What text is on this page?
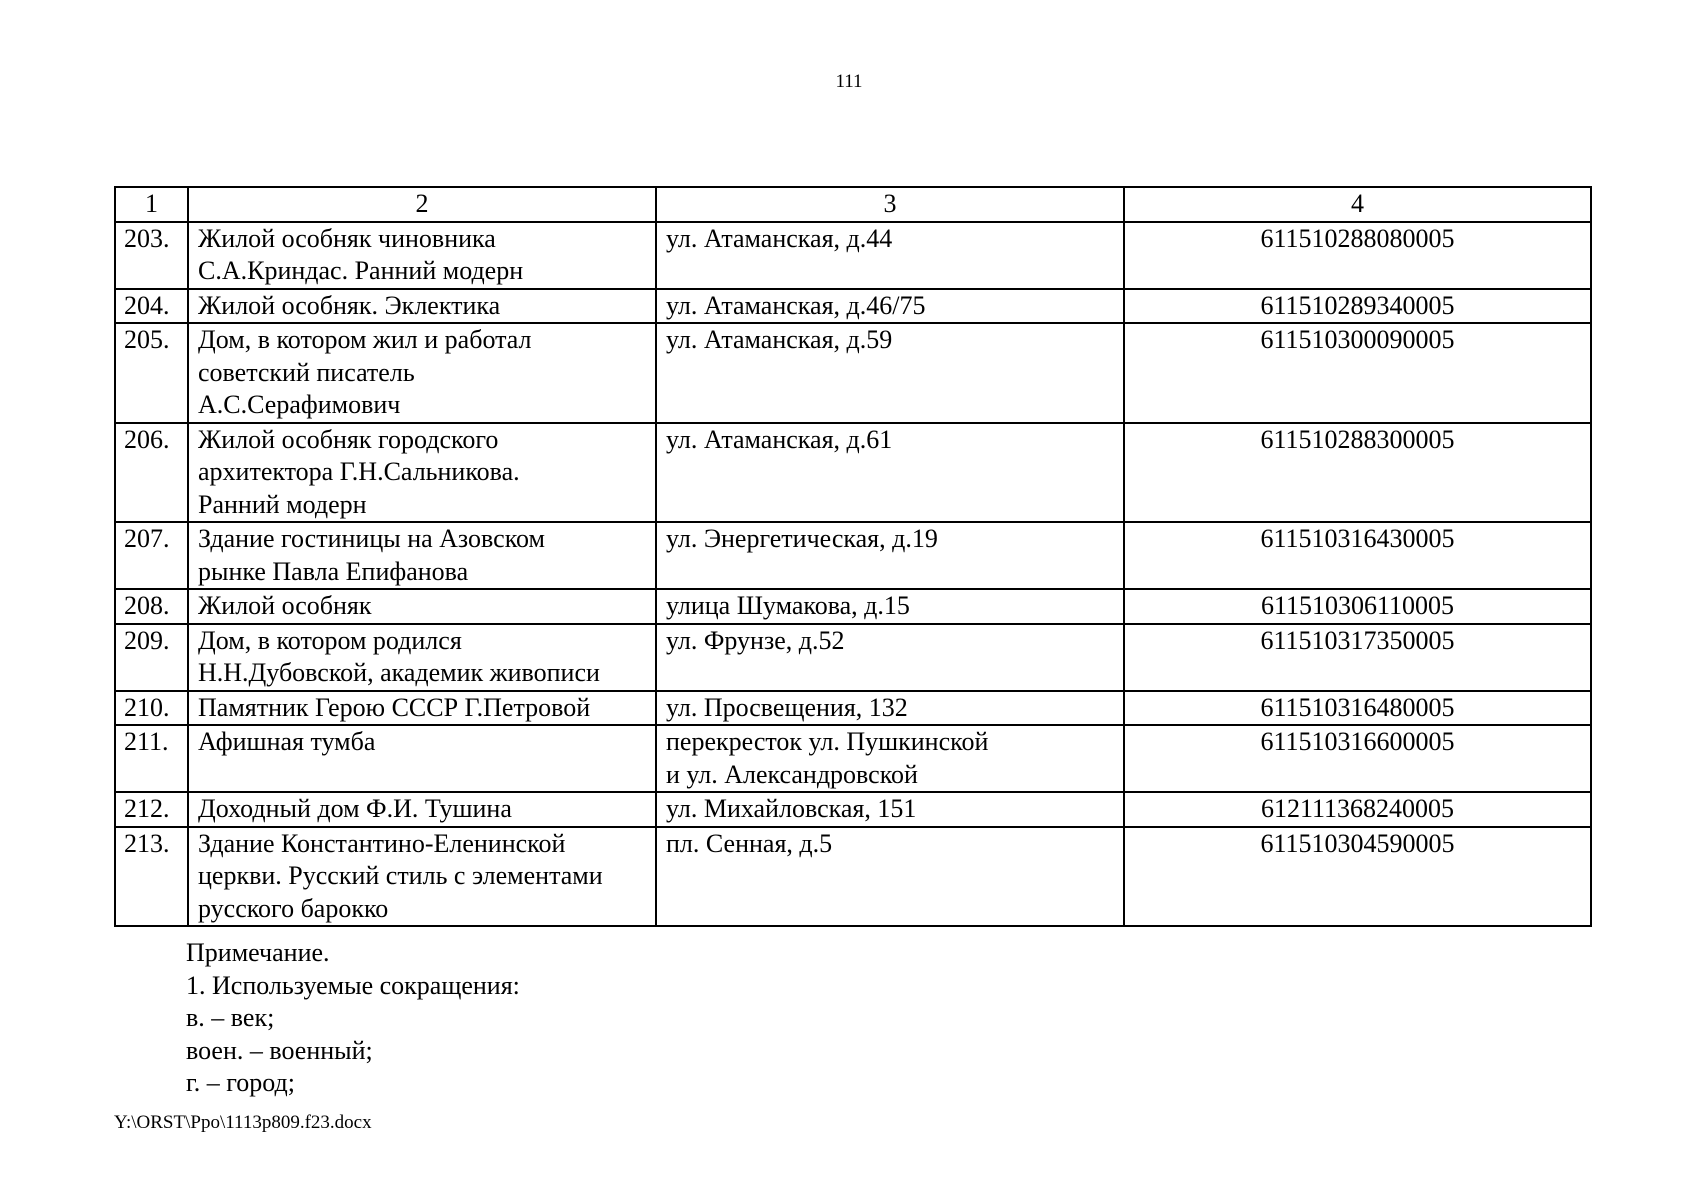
111
1	2	3	4
203.	Жилой особняк чиновника
С.А.Криндас. Ранний модерн	ул. Атаманская, д.44	611510288080005
204.	Жилой особняк. Эклектика	ул. Атаманская, д.46/75	611510289340005
205.	Дом, в котором жил и работал
советский писатель
А.С.Серафимович	ул. Атаманская, д.59	611510300090005
206.	Жилой особняк городского
архитектора Г.Н.Сальникова.
Ранний модерн	ул. Атаманская, д.61	611510288300005
207.	Здание гостиницы на Азовском
рынке Павла Епифанова	ул. Энергетическая, д.19	611510316430005
208.	Жилой особняк	улица Шумакова, д.15	611510306110005
209.	Дом, в котором родился
Н.Н.Дубовской, академик живописи	ул. Фрунзе, д.52	611510317350005
210.	Памятник Герою СССР Г.Петровой	ул. Просвещения, 132	611510316480005
211.	Афишная тумба	перекресток ул. Пушкинской
и ул. Александровской	611510316600005
212.	Доходный дом Ф.И. Тушина	ул. Михайловская, 151	612111368240005
213.	Здание Константино-Еленинской
церкви. Русский стиль с элементами
русского барокко	пл. Сенная, д.5	611510304590005
Примечание.
1. Используемые сокращения:
в. – век;
воен. – военный;
г. – город;
Y:\ORST\Ppo\1113p809.f23.docx
